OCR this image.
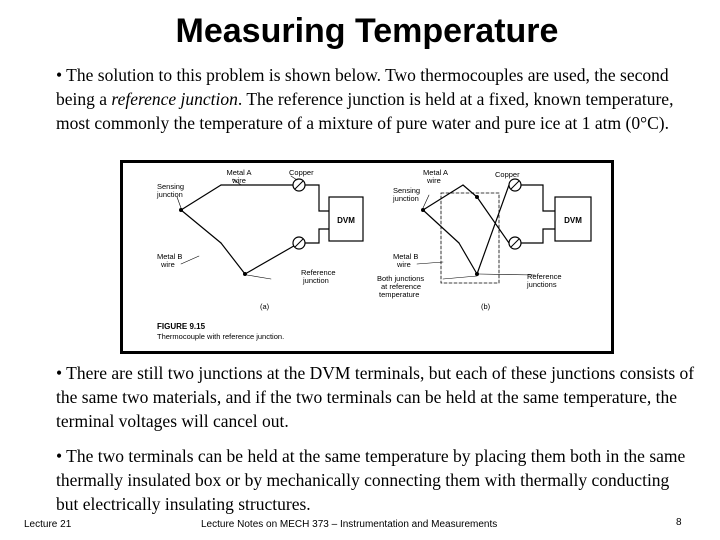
Measuring Temperature
• The solution to this problem is shown below. Two thermocouples are used, the second being a reference junction. The reference junction is held at a fixed, known temperature, most commonly the temperature of a mixture of pure water and pure ice at 1 atm (0°C).
DVM
Metal A
wire
Copper
Sensing
junction
Metal B
wire
Reference
junction
(a)
DVM
Metal A
wire
Copper
Sensing
junction
Metal B
wire
Both junctions
at reference
temperature
Reference
junctions
(b)
FIGURE 9.15
Thermocouple with reference junction.
• There are still two junctions at the DVM terminals, but each of these junctions consists of the same two materials, and if the two terminals can be held at the same temperature, the terminal voltages will cancel out.
• The two terminals can be held at the same temperature by placing them both in the same thermally insulated box or by mechanically connecting them with thermally conducting but electrically insulating structures.
Lecture 21	Lecture Notes on MECH 373 – Instrumentation and Measurements	8
